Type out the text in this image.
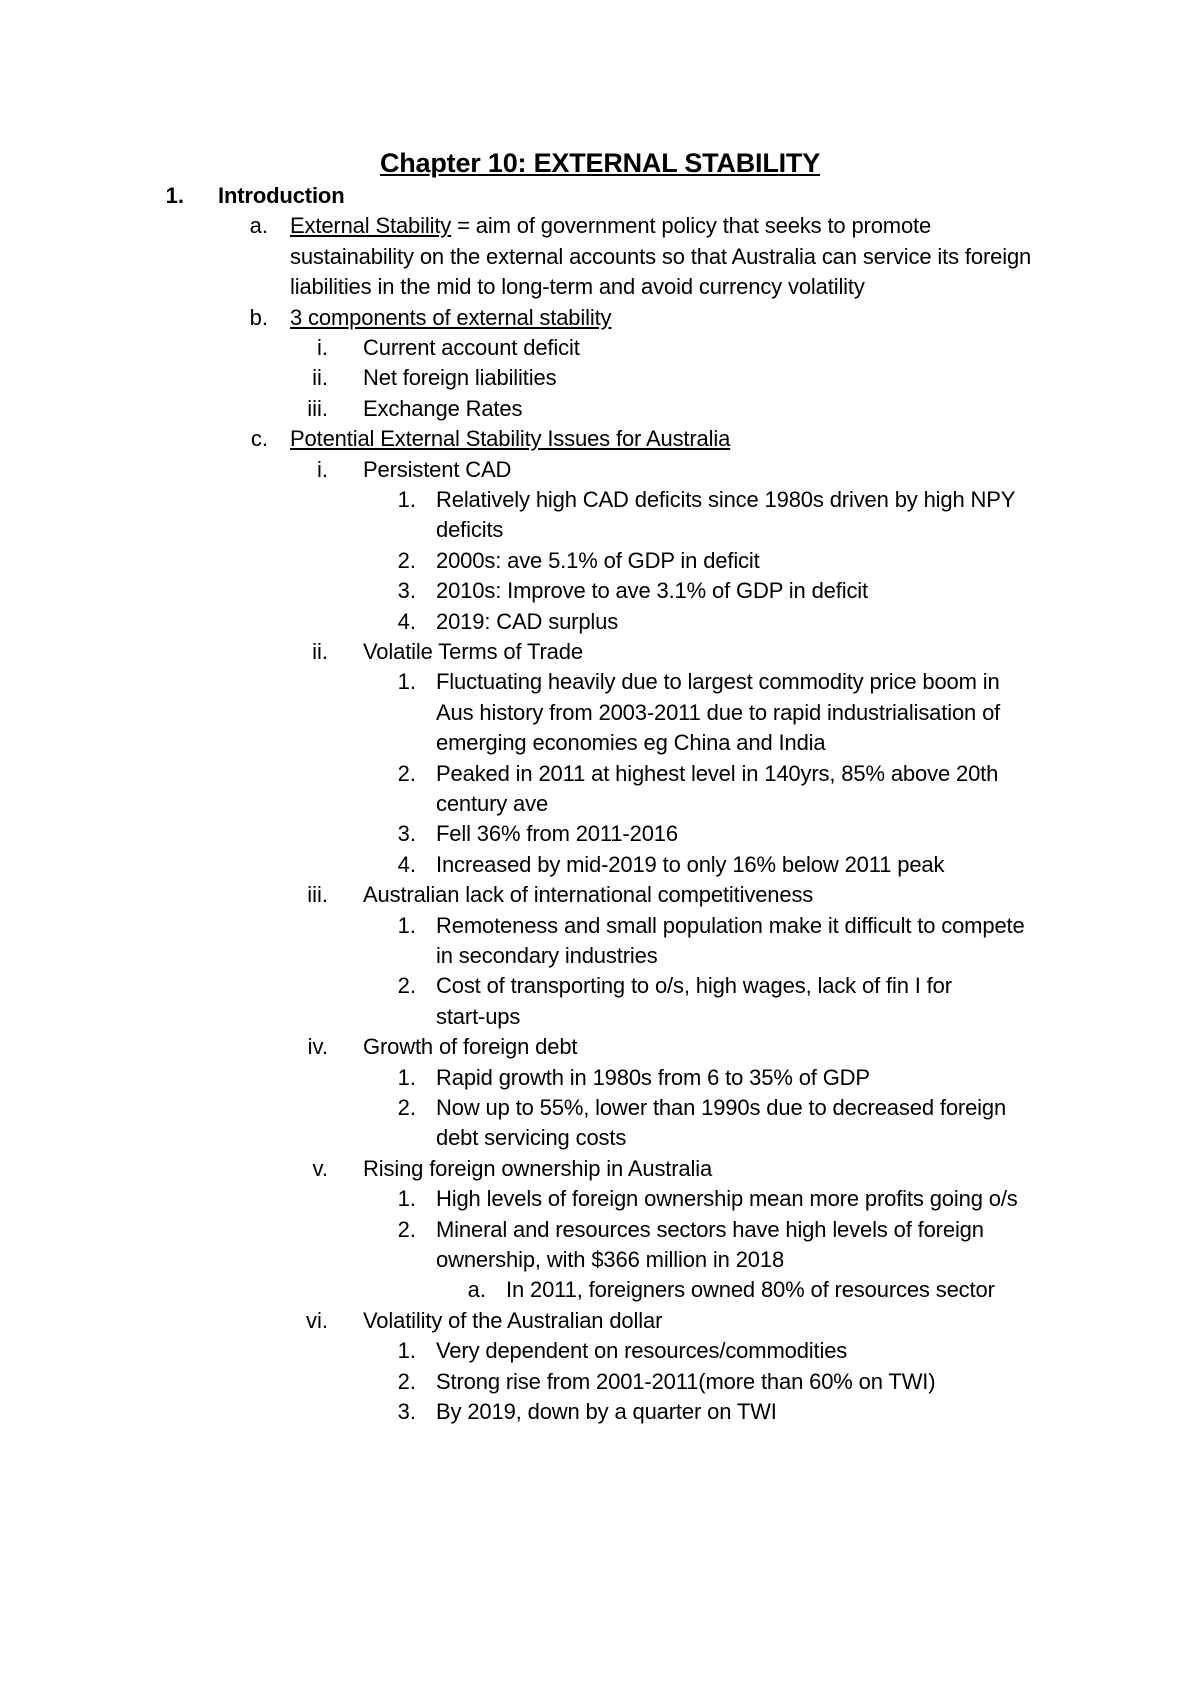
Chapter 10: EXTERNAL STABILITY
1. Introduction
a. External Stability = aim of government policy that seeks to promote
sustainability on the external accounts so that Australia can service its foreign
liabilities in the mid to long-term and avoid currency volatility
b. 3 components of external stability
i. Current account deficit
ii. Net foreign liabilities
iii. Exchange Rates
c. Potential External Stability Issues for Australia
i. Persistent CAD
1. Relatively high CAD deficits since 1980s driven by high NPY
deficits
2. 2000s: ave 5.1% of GDP in deficit
3. 2010s: Improve to ave 3.1% of GDP in deficit
4. 2019: CAD surplus
ii. Volatile Terms of Trade
1. Fluctuating heavily due to largest commodity price boom in
Aus history from 2003-2011 due to rapid industrialisation of
emerging economies eg China and India
2. Peaked in 2011 at highest level in 140yrs, 85% above 20th
century ave
3. Fell 36% from 2011-2016
4. Increased by mid-2019 to only 16% below 2011 peak
iii. Australian lack of international competitiveness
1. Remoteness and small population make it difficult to compete
in secondary industries
2. Cost of transporting to o/s, high wages, lack of fin I for
start-ups
iv. Growth of foreign debt
1. Rapid growth in 1980s from 6 to 35% of GDP
2. Now up to 55%, lower than 1990s due to decreased foreign
debt servicing costs
v. Rising foreign ownership in Australia
1. High levels of foreign ownership mean more profits going o/s
2. Mineral and resources sectors have high levels of foreign
ownership, with $366 million in 2018
a. In 2011, foreigners owned 80% of resources sector
vi. Volatility of the Australian dollar
1. Very dependent on resources/commodities
2. Strong rise from 2001-2011(more than 60% on TWI)
3. By 2019, down by a quarter on TWI
